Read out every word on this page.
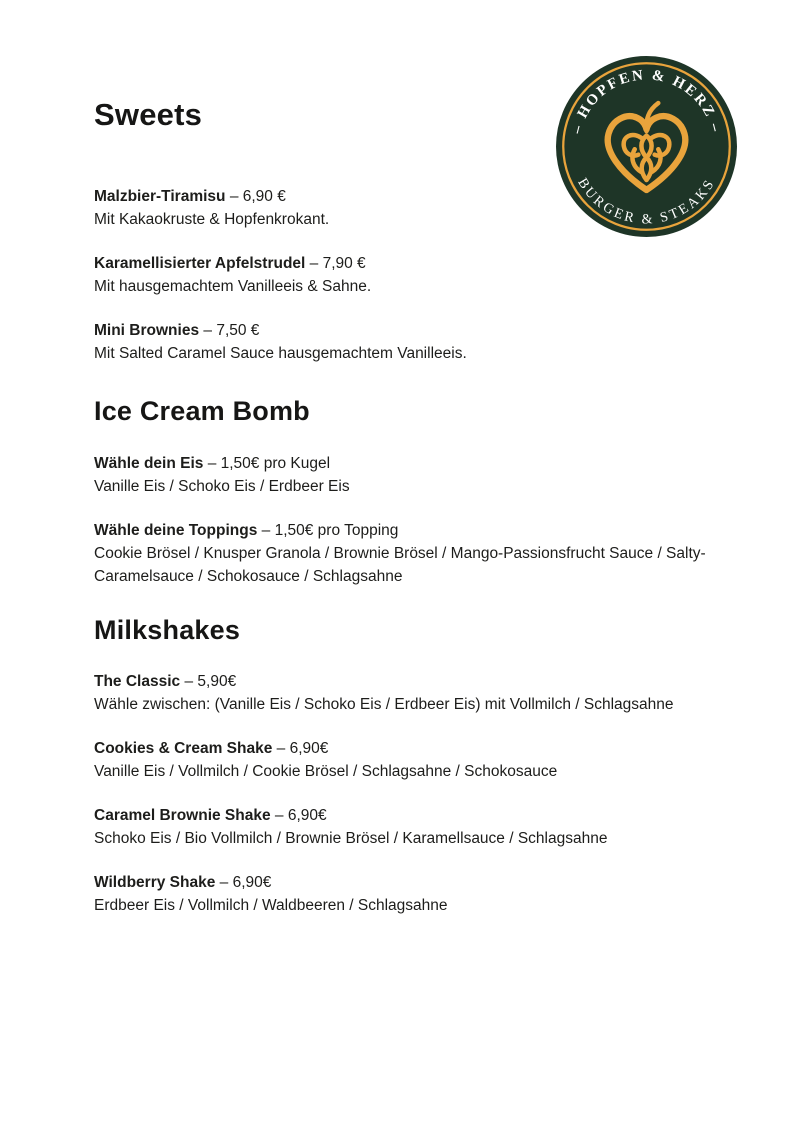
– HOPFEN & HERZ –
BURGER & STEAKS
Sweets
Malzbier-Tiramisu – 6,90 €
Mit Kakaokruste & Hopfenkrokant.
Karamellisierter Apfelstrudel – 7,90 €
Mit hausgemachtem Vanilleeis & Sahne.
Mini Brownies – 7,50 €
Mit Salted Caramel Sauce hausgemachtem Vanilleeis.
Ice Cream Bomb
Wähle dein Eis – 1,50€ pro Kugel
Vanille Eis / Schoko Eis / Erdbeer Eis
Wähle deine Toppings – 1,50€ pro Topping
Cookie Brösel / Knusper Granola / Brownie Brösel / Mango-Passionsfrucht Sauce / Salty-Caramelsauce / Schokosauce / Schlagsahne
Milkshakes
The Classic – 5,90€
Wähle zwischen: (Vanille Eis / Schoko Eis / Erdbeer Eis) mit Vollmilch / Schlagsahne
Cookies & Cream Shake – 6,90€
Vanille Eis / Vollmilch / Cookie Brösel / Schlagsahne / Schokosauce
Caramel Brownie Shake – 6,90€
Schoko Eis / Bio Vollmilch / Brownie Brösel / Karamellsauce / Schlagsahne
Wildberry Shake – 6,90€
Erdbeer Eis / Vollmilch / Waldbeeren / Schlagsahne
